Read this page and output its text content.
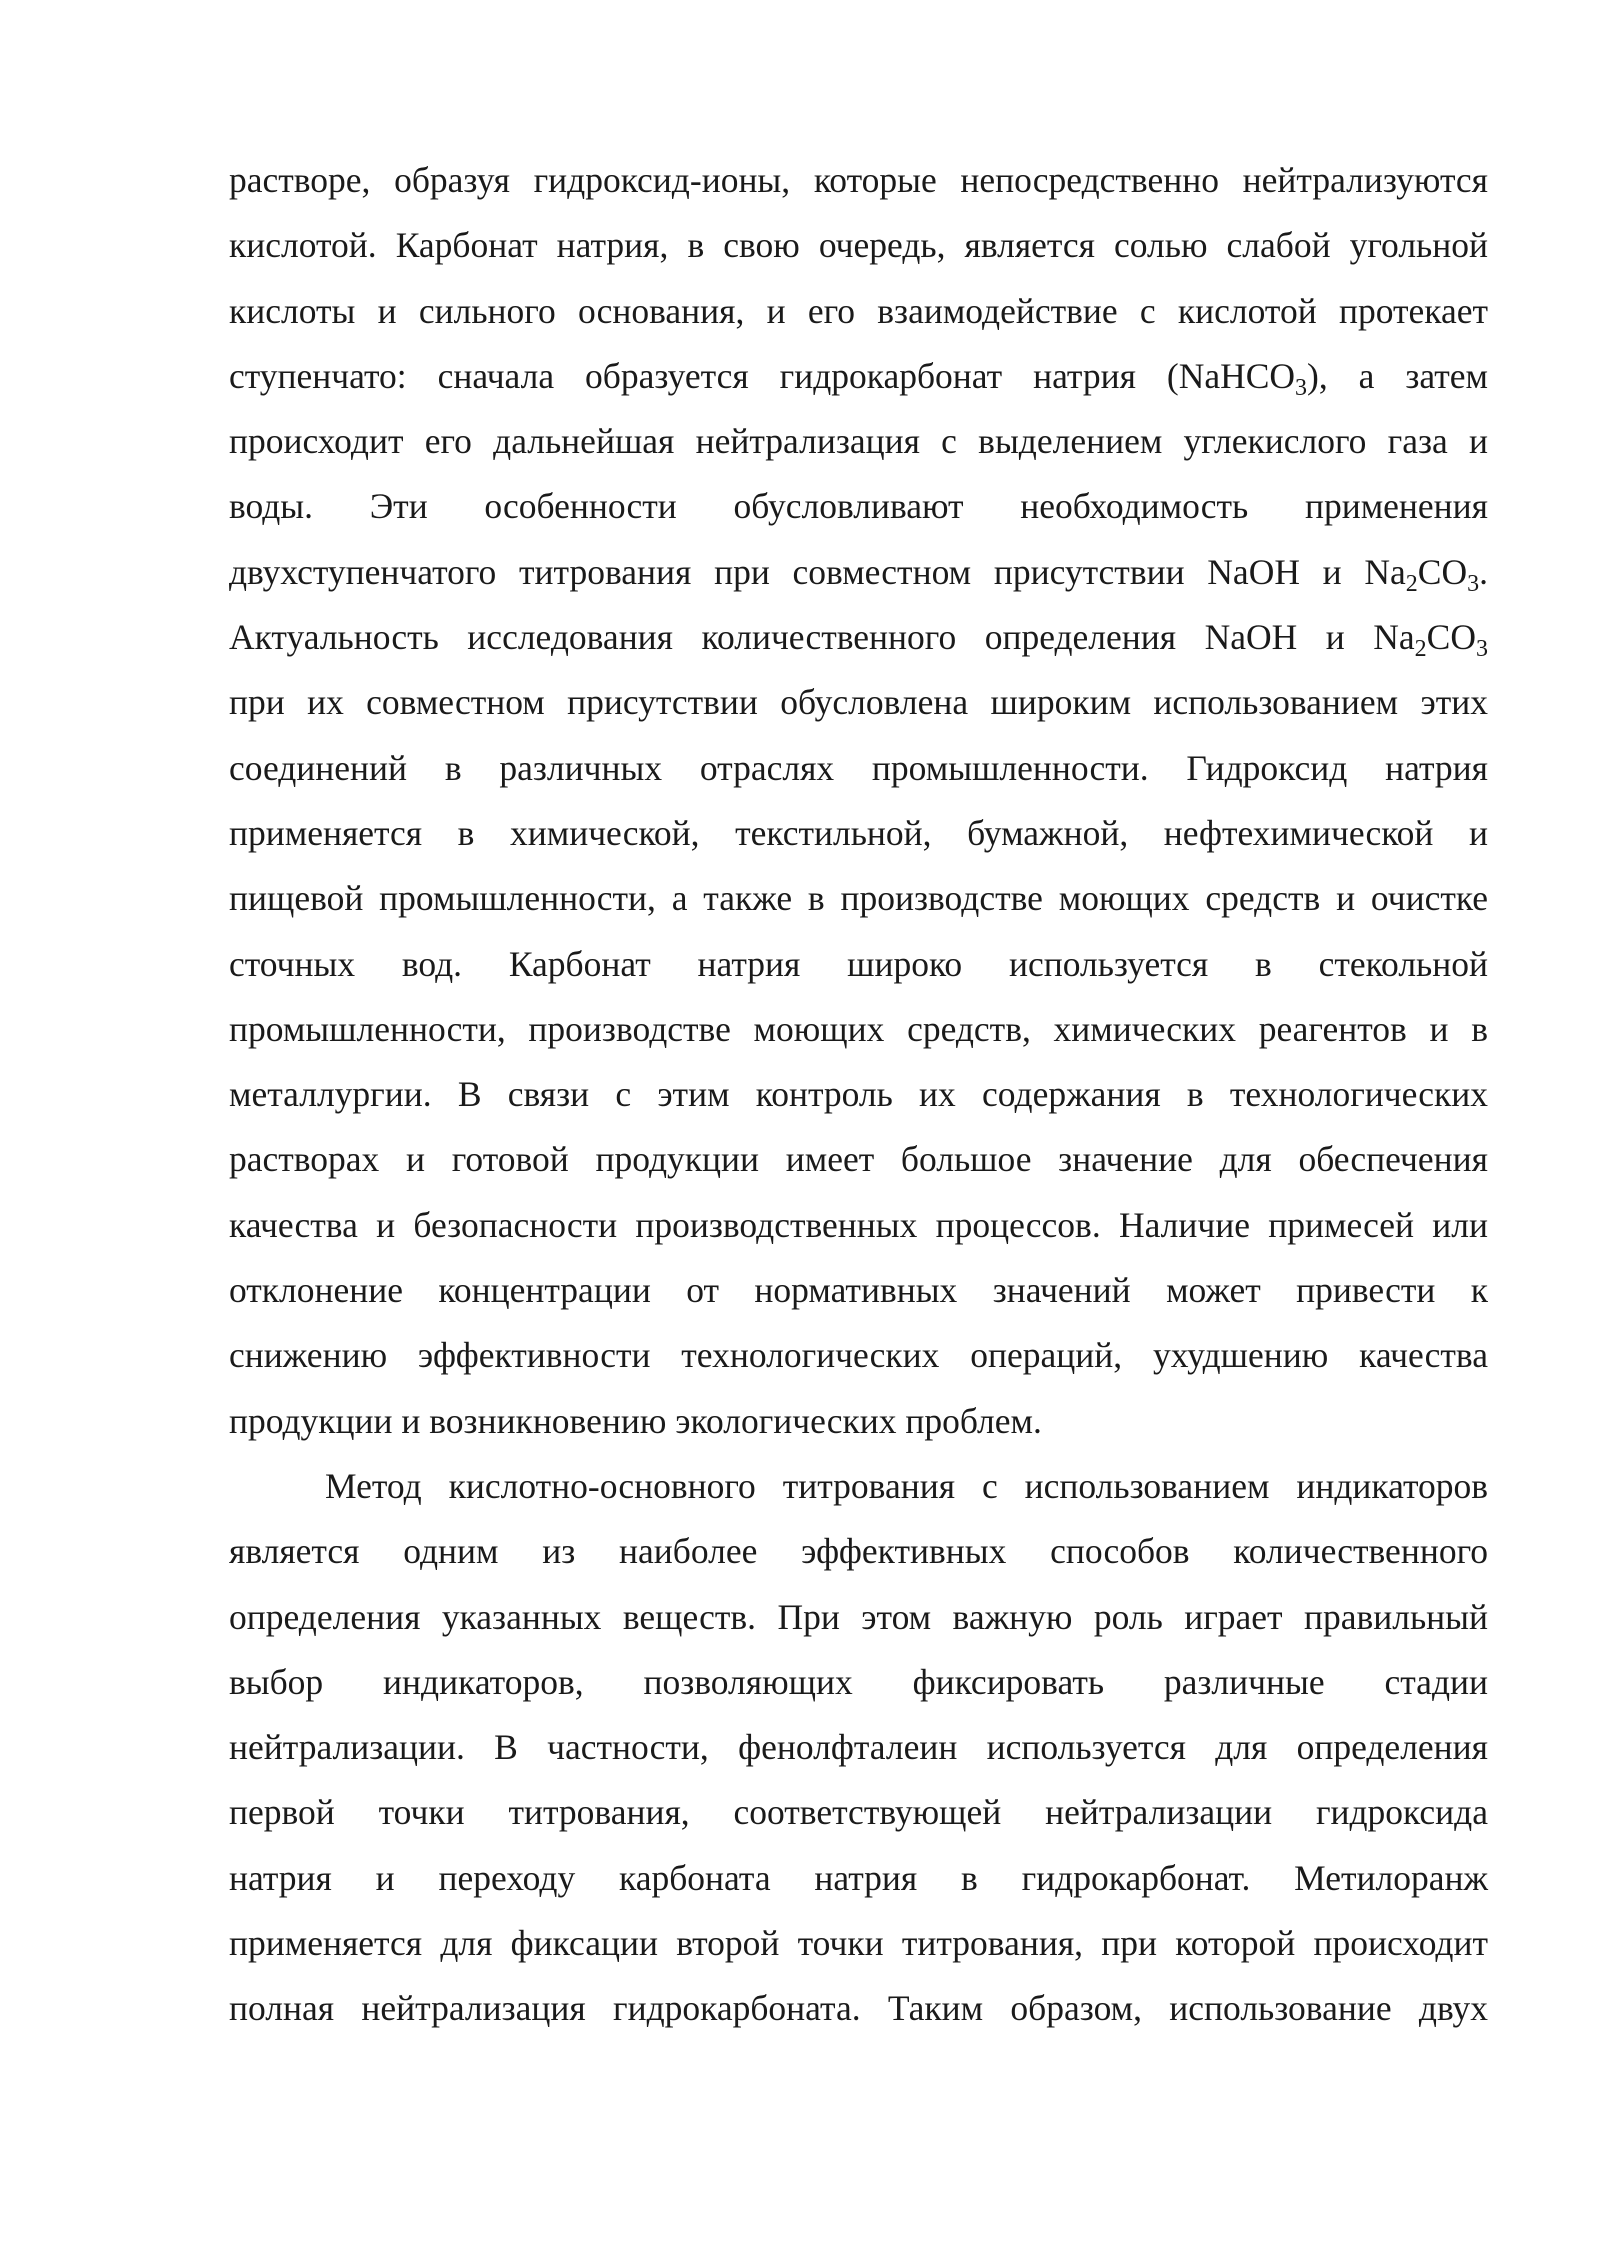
растворе, образуя гидроксид-ионы, которые непосредственно нейтрализуются
кислотой. Карбонат натрия, в свою очередь, является солью слабой угольной
кислоты и сильного основания, и его взаимодействие с кислотой протекает
ступенчато: сначала образуется гидрокарбонат натрия (NaHCO$_3$), а затем
происходит его дальнейшая нейтрализация с выделением углекислого газа и
воды. Эти особенности обусловливают необходимость применения
двухступенчатого титрования при совместном присутствии NaOH и $Na_2CO_3$.
Актуальность исследования количественного определения NaOH и $Na_2CO_3$
при их совместном присутствии обусловлена широким использованием этих
соединений в различных отраслях промышленности. Гидроксид натрия
применяется в химической, текстильной, бумажной, нефтехимической и
пищевой промышленности, а также в производстве моющих средств и очистке
сточных вод. Карбонат натрия широко используется в стекольной
промышленности, производстве моющих средств, химических реагентов и в
металлургии. В связи с этим контроль их содержания в технологических
растворах и готовой продукции имеет большое значение для обеспечения
качества и безопасности производственных процессов. Наличие примесей или
отклонение концентрации от нормативных значений может привести к
снижению эффективности технологических операций, ухудшению качества
продукции и возникновению экологических проблем.
Метод кислотно-основного титрования с использованием индикаторов
является одним из наиболее эффективных способов количественного
определения указанных веществ. При этом важную роль играет правильный
выбор индикаторов, позволяющих фиксировать различные стадии
нейтрализации. В частности, фенолфталеин используется для определения
первой точки титрования, соответствующей нейтрализации гидроксида
натрия и переходу карбоната натрия в гидрокарбонат. Метилоранж
применяется для фиксации второй точки титрования, при которой происходит
полная нейтрализация гидрокарбоната. Таким образом, использование двух
